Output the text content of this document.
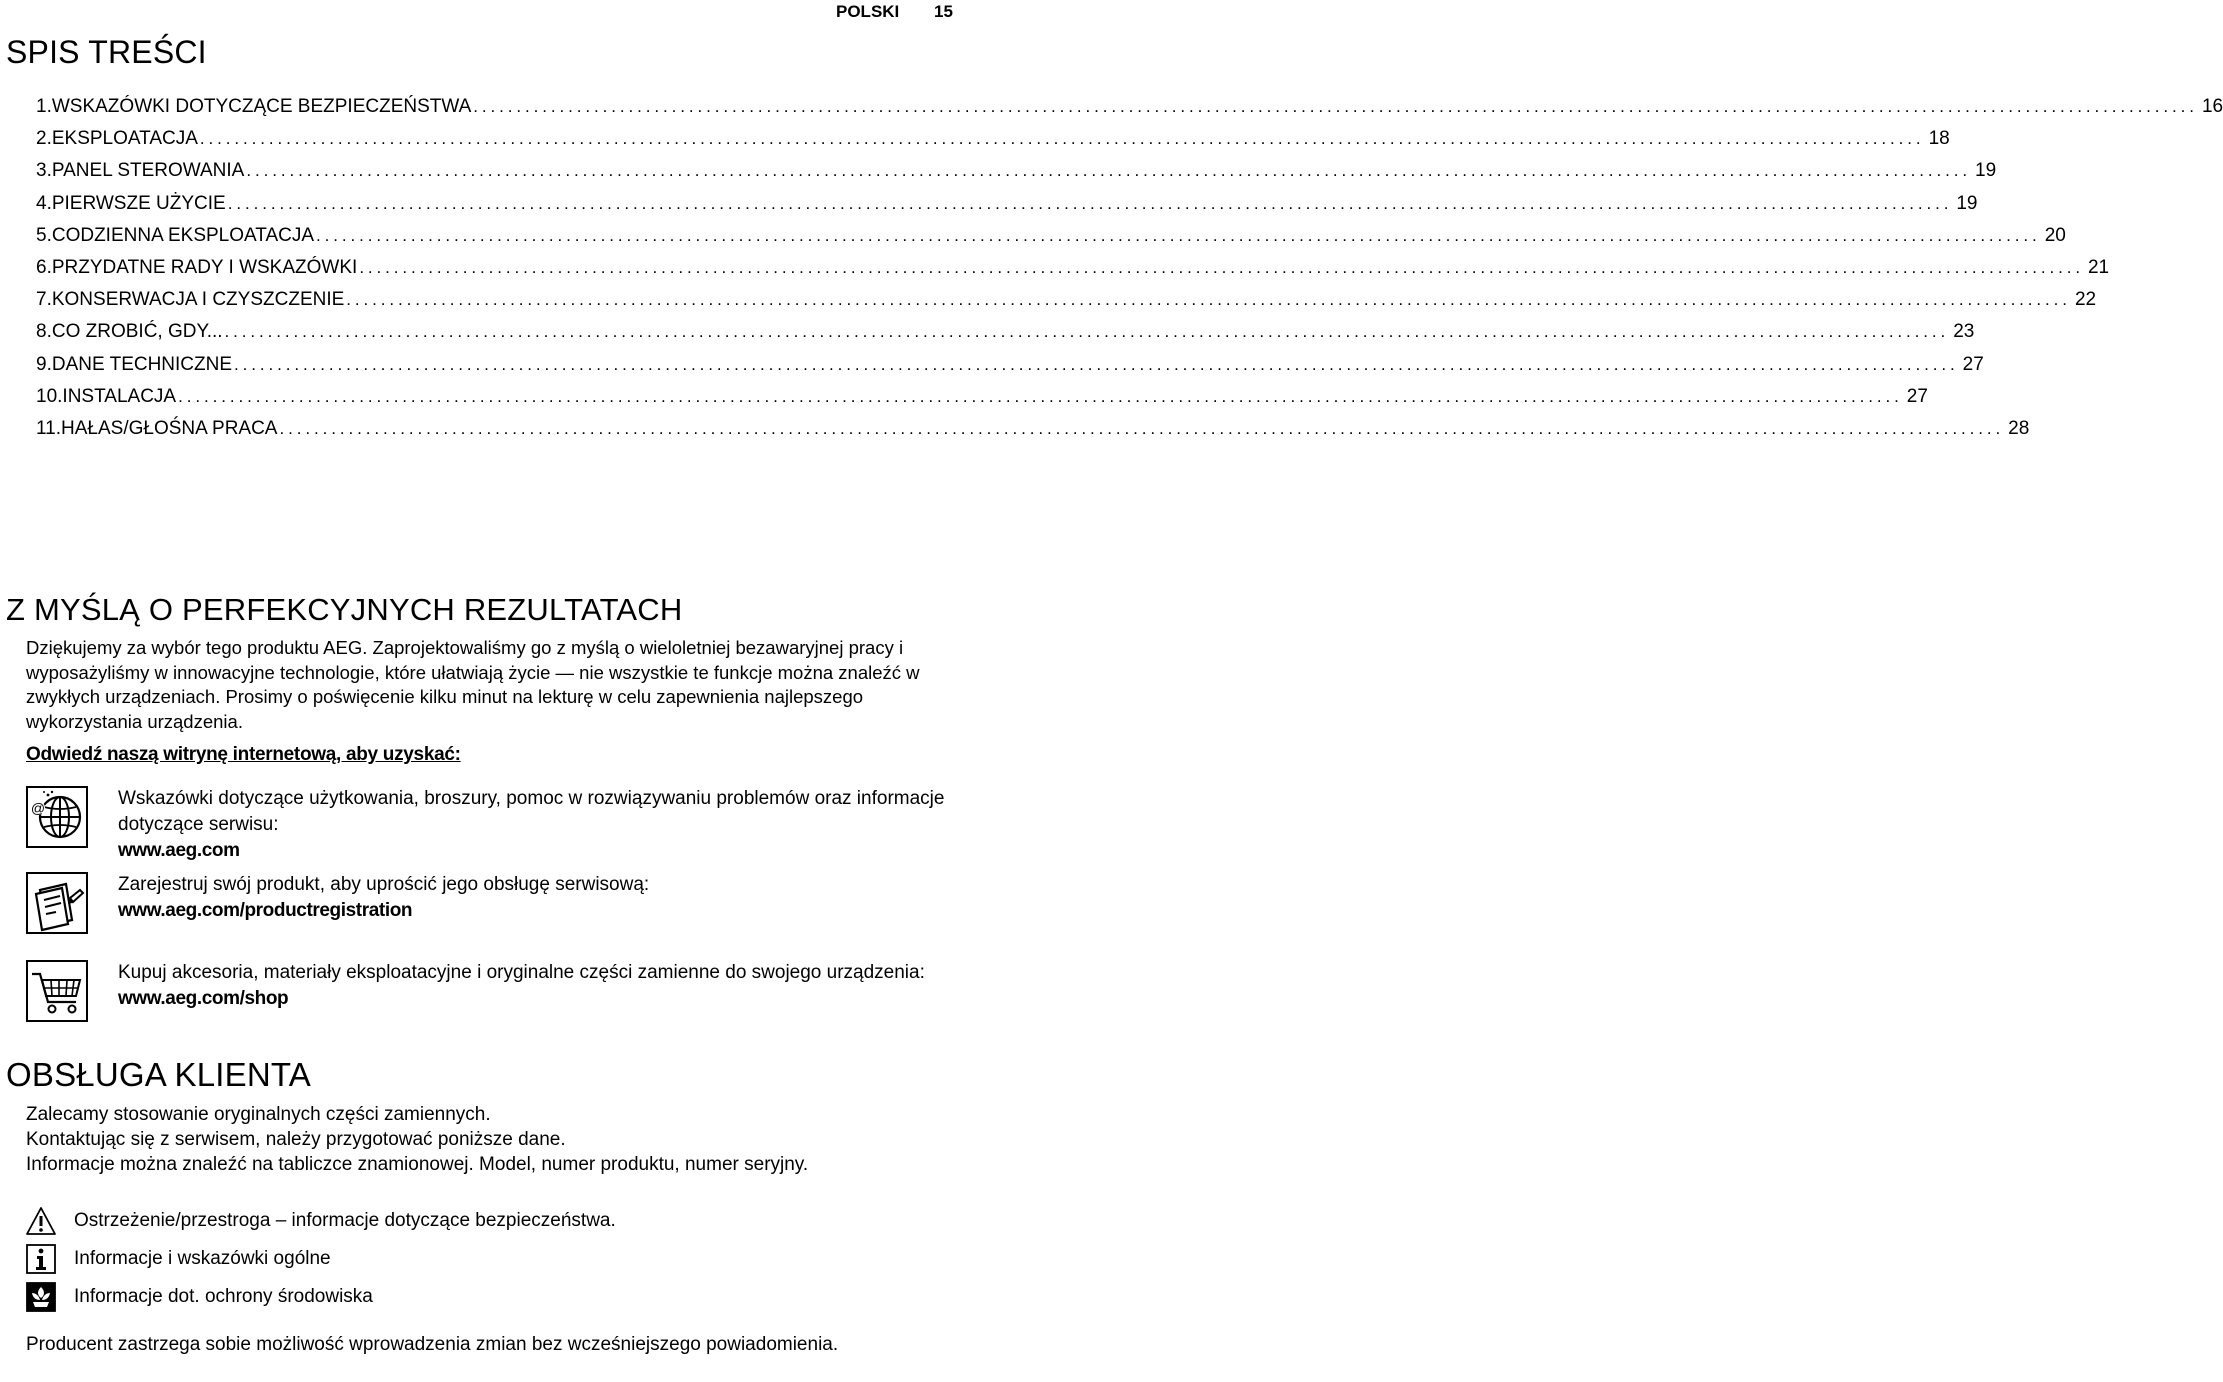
POLSKI 15
SPIS TREŚCI
1. WSKAZÓWKI DOTYCZĄCE BEZPIECZEŃSTWA ........................................................................................................................................................................................................ 16
2. EKSPLOATACJA ........................................................................................................................................................................................................ 18
3. PANEL STEROWANIA ........................................................................................................................................................................................................ 19
4. PIERWSZE UŻYCIE ........................................................................................................................................................................................................ 19
5. CODZIENNA EKSPLOATACJA ........................................................................................................................................................................................................ 20
6. PRZYDATNE RADY I WSKAZÓWKI ........................................................................................................................................................................................................ 21
7. KONSERWACJA I CZYSZCZENIE ........................................................................................................................................................................................................ 22
8. CO ZROBIĆ, GDY... ........................................................................................................................................................................................................ 23
9. DANE TECHNICZNE ........................................................................................................................................................................................................ 27
10. INSTALACJA ........................................................................................................................................................................................................ 27
11. HAŁAS/GŁOŚNA PRACA ........................................................................................................................................................................................................ 28
Z MYŚLĄ O PERFEKCYJNYCH REZULTATACH

Dziękujemy za wybór tego produktu AEG. Zaprojektowaliśmy go z myślą o wieloletniej bezawaryjnej pracy i wyposażyliśmy w innowacyjne technologie, które ułatwiają życie — nie wszystkie te funkcje można znaleźć w zwykłych urządzeniach. Prosimy o poświęcenie kilku minut na lekturę w celu zapewnienia najlepszego wykorzystania urządzenia.

Odwiedź naszą witrynę internetową, aby uzyskać:

@	Wskazówki dotyczące użytkowania, broszury, pomoc w rozwiązywaniu problemów oraz informacje dotyczące serwisu:
www.aeg.com
Zarejestruj swój produkt, aby uprościć jego obsługę serwisową:
www.aeg.com/productregistration
Kupuj akcesoria, materiały eksploatacyjne i oryginalne części zamienne do swojego urządzenia:
www.aeg.com/shop
OBSŁUGA KLIENTA
Zalecamy stosowanie oryginalnych części zamiennych.
Kontaktując się z serwisem, należy przygotować poniższe dane.
Informacje można znaleźć na tabliczce znamionowej. Model, numer produktu, numer seryjny.
Ostrzeżenie/przestroga – informacje dotyczące bezpieczeństwa.
Informacje i wskazówki ogólne
Informacje dot. ochrony środowiska

Producent zastrzega sobie możliwość wprowadzenia zmian bez wcześniejszego powiadomienia.
